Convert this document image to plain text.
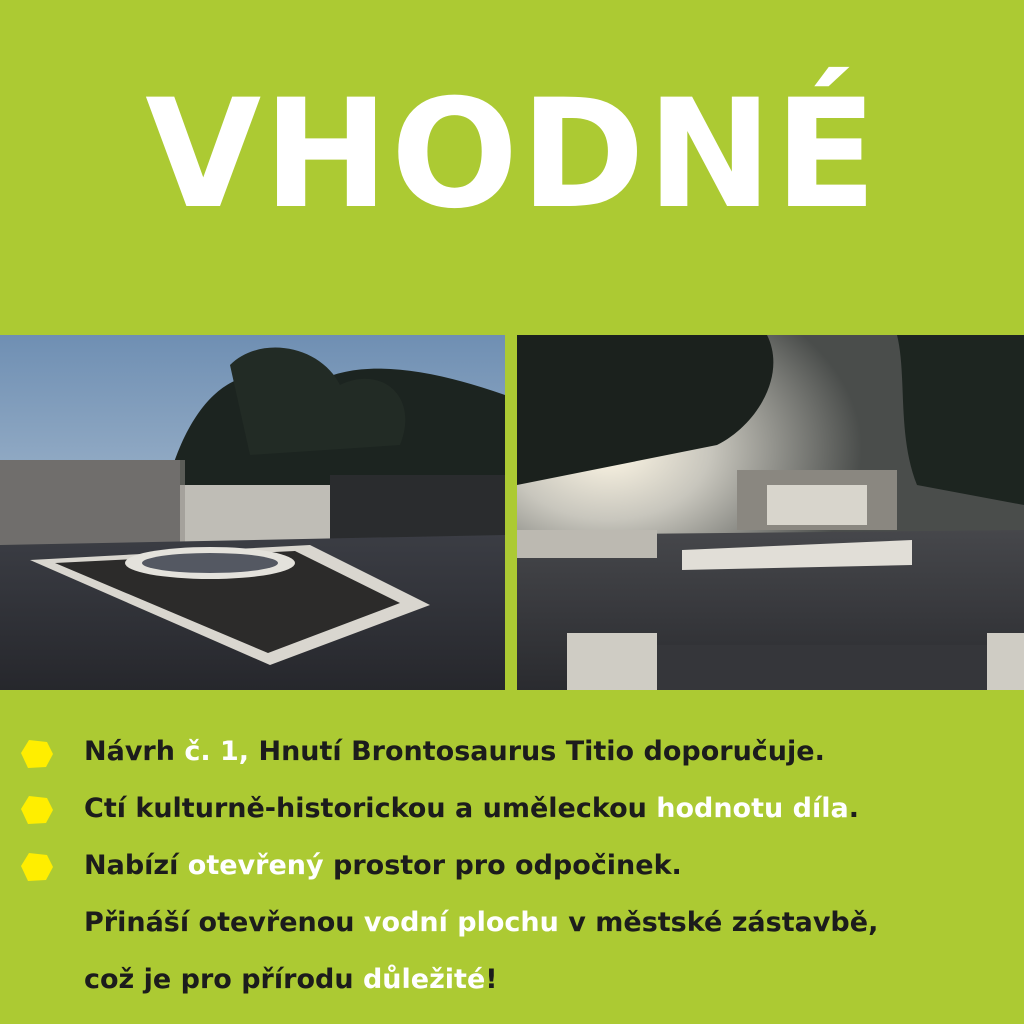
VHODNÉ
Návrh č. 1, Hnutí Brontosaurus Titio doporučuje.
Ctí kulturně-historickou a uměleckou hodnotu díla.
Nabízí otevřený prostor pro odpočinek.
Přináší otevřenou vodní plochu v městské zástavbě,
což je pro přírodu důležité!
